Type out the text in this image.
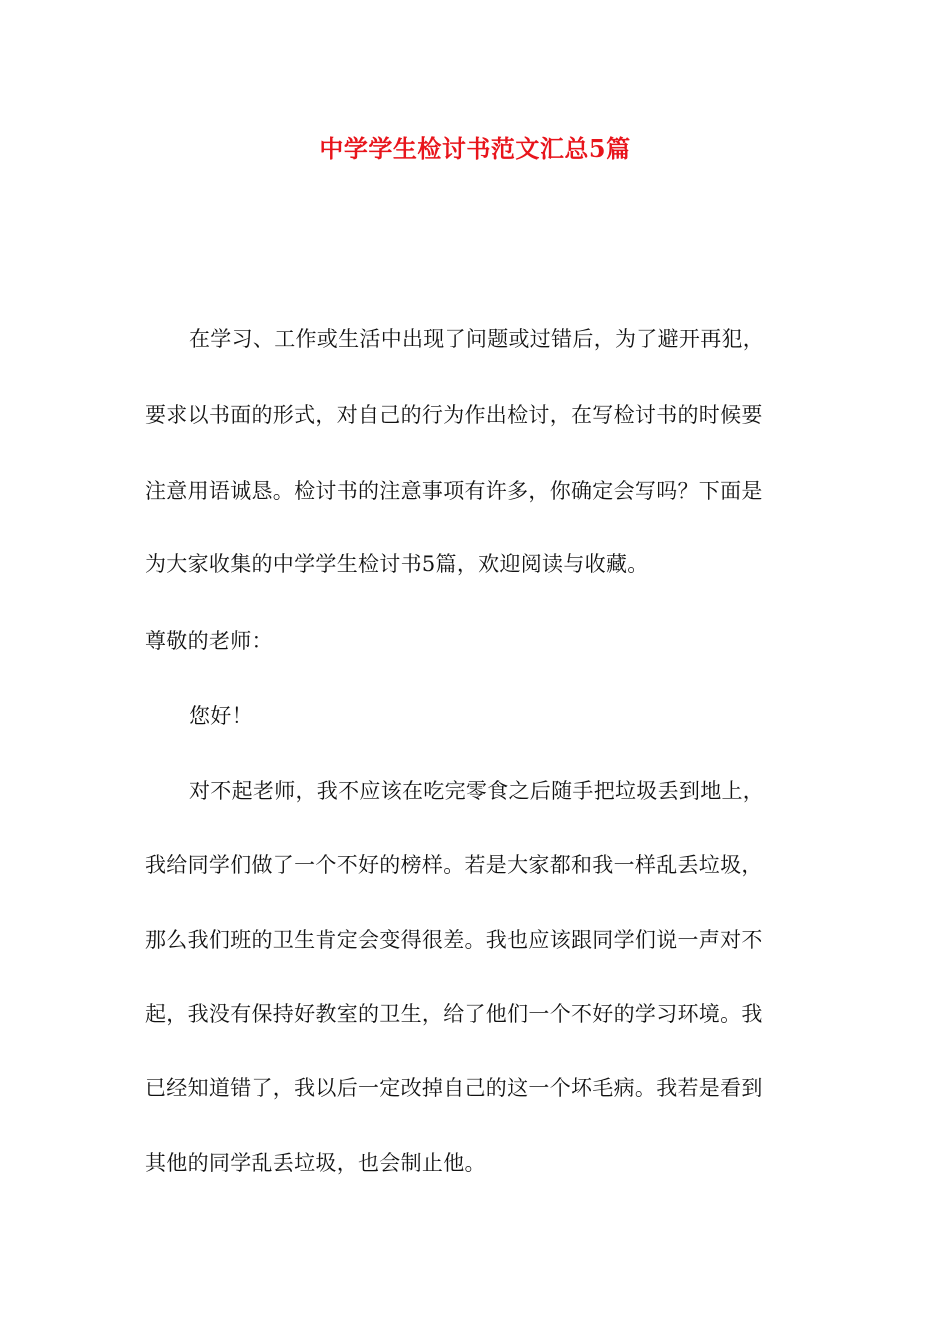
中学学生检讨书范文汇总5篇
在学习、工作或生活中出现了问题或过错后，为了避开再犯，
要求以书面的形式，对自己的行为作出检讨，在写检讨书的时候要
注意用语诚恳。检讨书的注意事项有许多，你确定会写吗？下面是
为大家收集的中学学生检讨书5篇，欢迎阅读与收藏。
尊敬的老师：
您好！
对不起老师，我不应该在吃完零食之后随手把垃圾丢到地上，
我给同学们做了一个不好的榜样。若是大家都和我一样乱丢垃圾，
那么我们班的卫生肯定会变得很差。我也应该跟同学们说一声对不
起，我没有保持好教室的卫生，给了他们一个不好的学习环境。我
已经知道错了，我以后一定改掉自己的这一个坏毛病。我若是看到
其他的同学乱丢垃圾，也会制止他。
